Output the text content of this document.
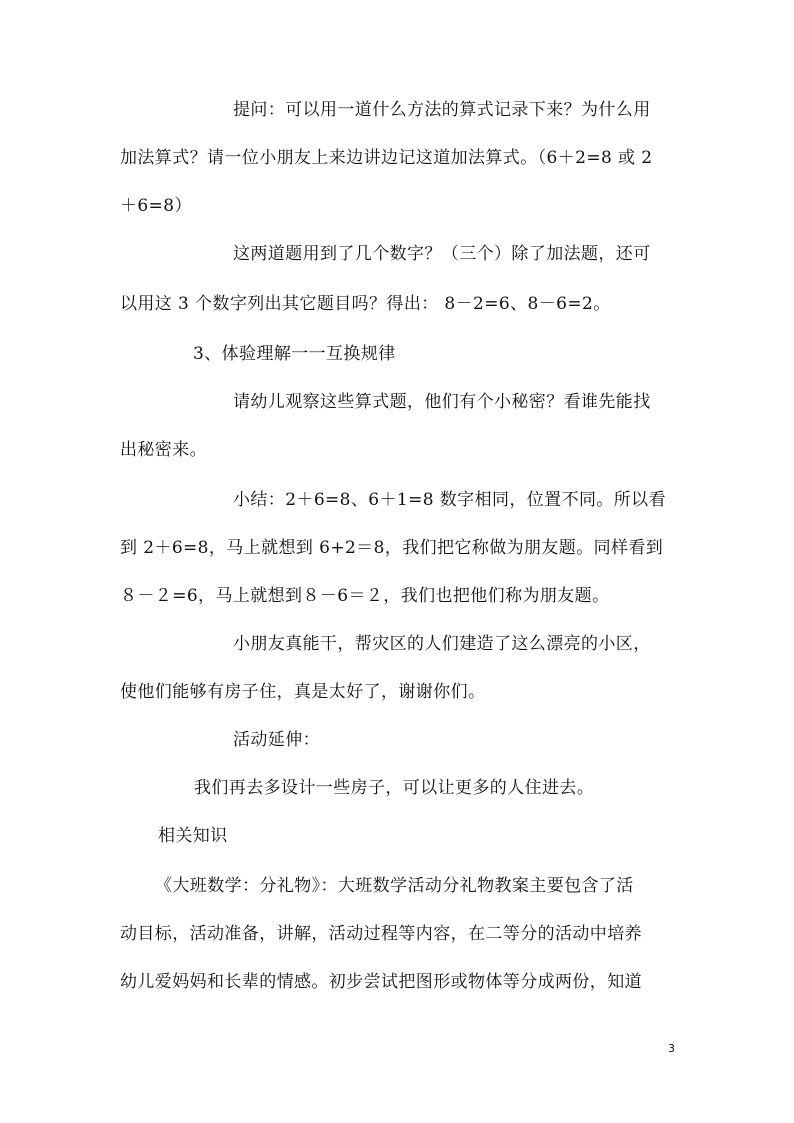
提问：可以用一道什么方法的算式记录下来？为什么用
加法算式？请一位小朋友上来边讲边记这道加法算式。（6＋2=8 或 2
＋6=8）
这两道题用到了几个数字？（三个）除了加法题，还可
以用这 3 个数字列出其它题目吗？得出： 8－2=6、8－6=2。
3、体验理解一一互换规律
请幼儿观察这些算式题，他们有个小秘密？看谁先能找
出秘密来。
小结：2＋6=8、6＋1=8 数字相同，位置不同。所以看
到 2＋6=8，马上就想到 6+2＝8，我们把它称做为朋友题。同样看到
８－２=6，马上就想到８－6＝２，我们也把他们称为朋友题。
小朋友真能干，帮灾区的人们建造了这么漂亮的小区，
使他们能够有房子住，真是太好了，谢谢你们。
活动延伸：
我们再去多设计一些房子，可以让更多的人住进去。
相关知识
《大班数学：分礼物》：大班数学活动分礼物教案主要包含了活
动目标，活动准备，讲解，活动过程等内容，在二等分的活动中培养
幼儿爱妈妈和长辈的情感。初步尝试把图形或物体等分成两份，知道
3
